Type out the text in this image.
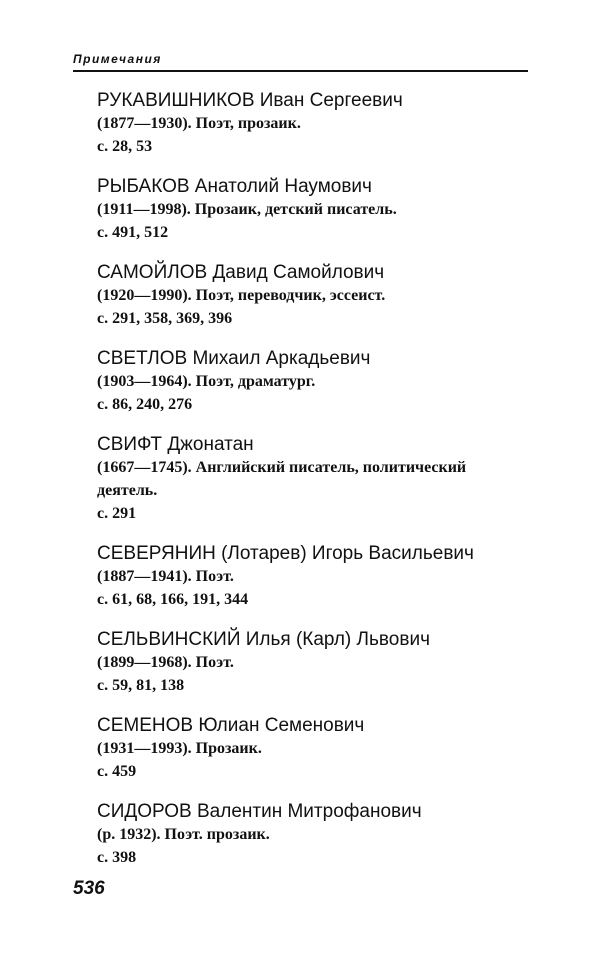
Примечания
РУКАВИШНИКОВ Иван Сергеевич
(1877—1930). Поэт, прозаик.
с. 28, 53
РЫБАКОВ Анатолий Наумович
(1911—1998). Прозаик, детский писатель.
с. 491, 512
САМОЙЛОВ Давид Самойлович
(1920—1990). Поэт, переводчик, эссеист.
с. 291, 358, 369, 396
СВЕТЛОВ Михаил Аркадьевич
(1903—1964). Поэт, драматург.
с. 86, 240, 276
СВИФТ Джонатан
(1667—1745). Английский писатель, политический деятель.
с. 291
СЕВЕРЯНИН (Лотарев) Игорь Васильевич
(1887—1941). Поэт.
с. 61, 68, 166, 191, 344
СЕЛЬВИНСКИЙ Илья (Карл) Львович
(1899—1968). Поэт.
с. 59, 81, 138
СЕМЕНОВ Юлиан Семенович
(1931—1993). Прозаик.
с. 459
СИДОРОВ Валентин Митрофанович
(р. 1932). Поэт. прозаик.
с. 398
536
